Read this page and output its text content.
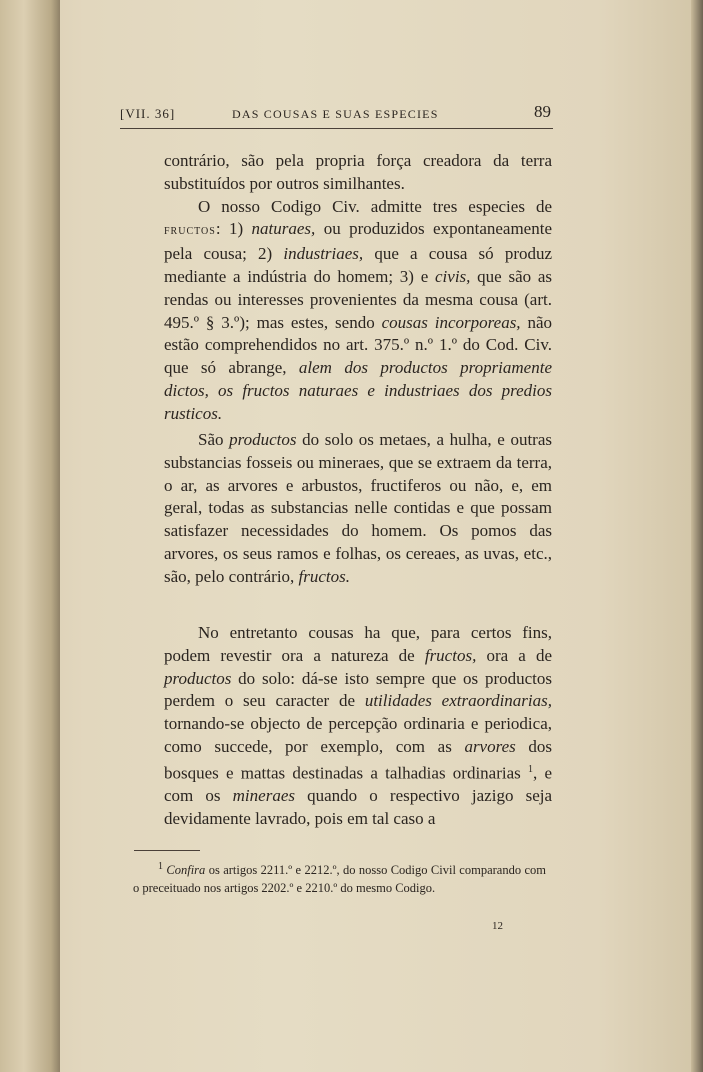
[VII. 36]	DAS COUSAS E SUAS ESPECIES	89
contrário, são pela propria força creadora da terra substituídos por outros similhantes.
  O nosso Codigo Civ. admitte tres especies de fructos: 1) naturaes, ou produzidos expontaneamente pela cousa; 2) industriaes, que a cousa só produz mediante a indústria do homem; 3) e civis, que são as rendas ou interesses provenientes da mesma cousa (art. 495.º § 3.º); mas estes, sendo cousas incorporeas, não estão comprehendidos no art. 375.º n.º 1.º do Cod. Civ. que só abrange, alem dos productos propriamente dictos, os fructos naturaes e industriaes dos predios rusticos.
  São productos do solo os metaes, a hulha, e outras substancias fosseis ou mineraes, que se extraem da terra, o ar, as arvores e arbustos, fructiferos ou não, e, em geral, todas as substancias nelle contidas e que possam satisfazer necessidades do homem. Os pomos das arvores, os seus ramos e folhas, os cereaes, as uvas, etc., são, pelo contrário, fructos.
  No entretanto cousas ha que, para certos fins, podem revestir ora a natureza de fructos, ora a de productos do solo: dá-se isto sempre que os productos perdem o seu caracter de utilidades extraordinarias, tornando-se objecto de percepção ordinaria e periodica, como succede, por exemplo, com as arvores dos bosques e mattas destinadas a talhadias ordinarias $^1$, e com os mineraes quando o respectivo jazigo seja devidamente lavrado, pois em tal caso a
  $^1$ Confira os artigos 2211.º e 2212.º, do nosso Codigo Civil comparando com o preceituado nos artigos 2202.º e 2210.º do mesmo Codigo.
12
